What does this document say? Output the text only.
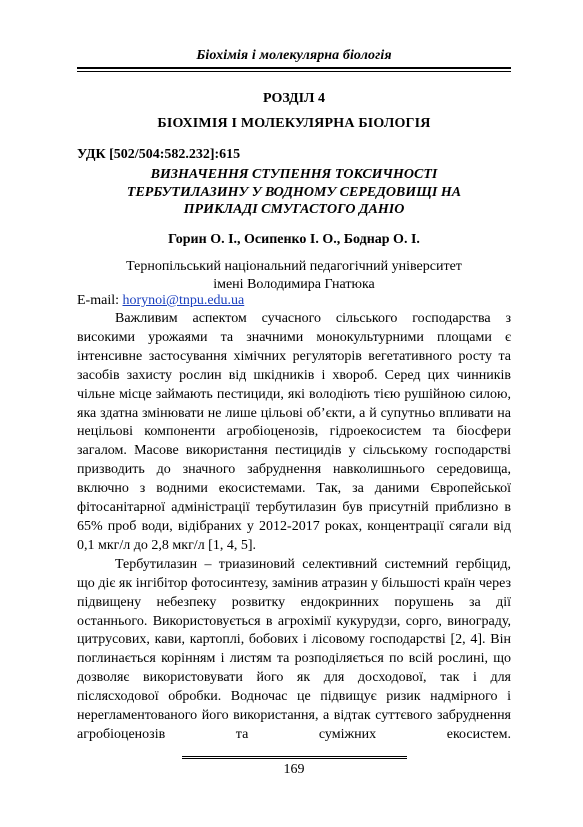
Біохімія і молекулярна біологія
РОЗДІЛ 4
БІОХІМІЯ І МОЛЕКУЛЯРНА БІОЛОГІЯ
УДК [502/504:582.232]:615
ВИЗНАЧЕННЯ СТУПЕННЯ ТОКСИЧНОСТІ
ТЕРБУТИЛАЗИНУ У ВОДНОМУ СЕРЕДОВИЩІ НА
ПРИКЛАДІ СМУГАСТОГО ДАНІО
Горин О. І., Осипенко І. О., Боднар О. І.
Тернопільський національний педагогічний університет
імені Володимира Гнатюка
E-mail: horynoi@tnpu.edu.ua

Важливим аспектом сучасного сільського господарства з високими урожаями та значними монокультурними площами є інтенсивне застосування хімічних регуляторів вегетативного росту та засобів захисту рослин від шкідників і хвороб. Серед цих чинників чільне місце займають пестициди, які володіють тією рушійною силою, яка здатна змінювати не лише цільові об’єкти, а й супутньо впливати на нецільові компоненти агробіоценозів, гідроекосистем та біосфери загалом. Масове використання пестицидів у сільському господарстві призводить до значного забруднення навколишнього середовища, включно з водними екосистемами. Так, за даними Європейської фітосанітарної адміністрації тербутилазин був присутній приблизно в 65% проб води, відібраних у 2012-2017 роках, концентрації сягали від 0,1 мкг/л до 2,8 мкг/л [1, 4, 5].

Тербутилазин – триазиновий селективний системний гербіцид, що діє як інгібітор фотосинтезу, замінив атразин у більшості країн через підвищену небезпеку розвитку ендокринних порушень за дії останнього. Використовується в агрохімії кукурудзи, сорго, винограду, цитрусових, кави, картоплі, бобових і лісовому господарстві [2, 4]. Він поглинається корінням і листям та розподіляється по всій рослині, що дозволяє використовувати його як для досходової, так і для післясходової обробки. Водночас це підвищує ризик надмірного і нерегламентованого його використання, а відтак суттєвого забруднення агробіоценозів та суміжних екосистем.

169
